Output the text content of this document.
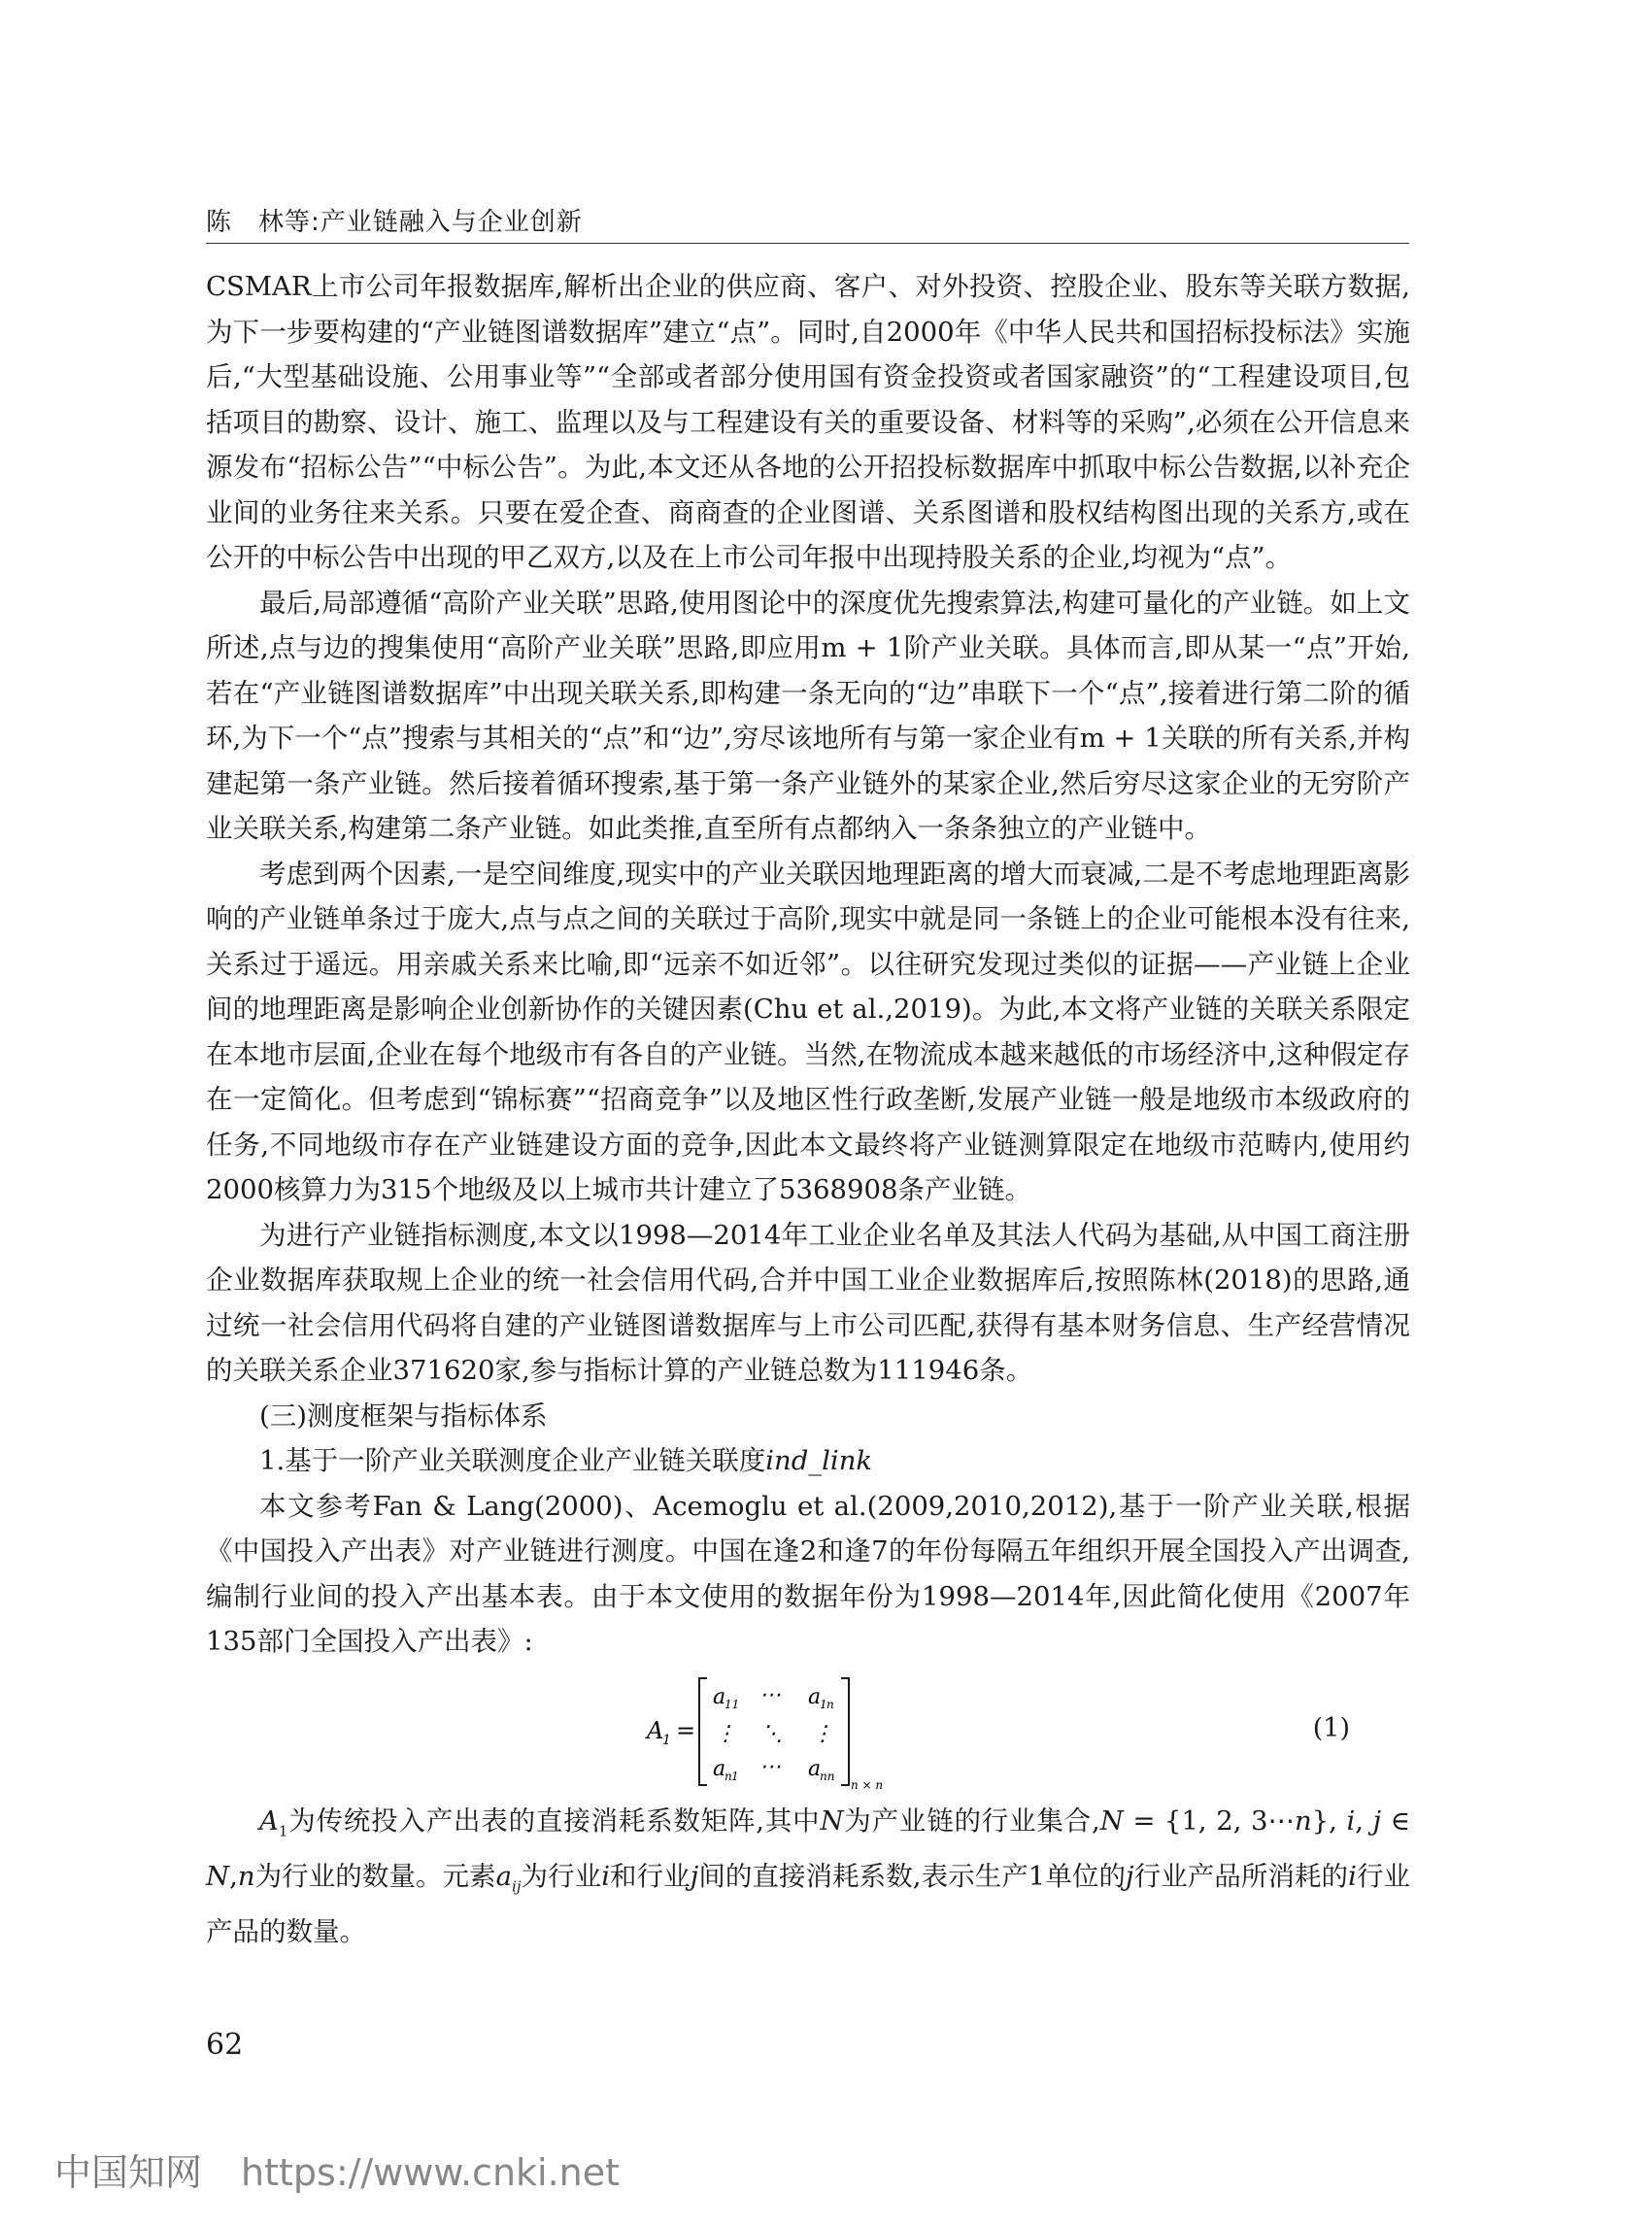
陈　林等:产业链融入与企业创新

CSMAR上市公司年报数据库,解析出企业的供应商、客户、对外投资、控股企业、股东等关联方数据,为下一步要构建的“产业链图谱数据库”建立“点”。同时,自2000年《中华人民共和国招标投标法》实施后,“大型基础设施、公用事业等”“全部或者部分使用国有资金投资或者国家融资”的“工程建设项目,包括项目的勘察、设计、施工、监理以及与工程建设有关的重要设备、材料等的采购”,必须在公开信息来源发布“招标公告”“中标公告”。为此,本文还从各地的公开招投标数据库中抓取中标公告数据,以补充企业间的业务往来关系。只要在爱企查、商商查的企业图谱、关系图谱和股权结构图出现的关系方,或在公开的中标公告中出现的甲乙双方,以及在上市公司年报中出现持股关系的企业,均视为“点”。

最后,局部遵循“高阶产业关联”思路,使用图论中的深度优先搜索算法,构建可量化的产业链。如上文所述,点与边的搜集使用“高阶产业关联”思路,即应用m + 1阶产业关联。具体而言,即从某一“点”开始,若在“产业链图谱数据库”中出现关联关系,即构建一条无向的“边”串联下一个“点”,接着进行第二阶的循环,为下一个“点”搜索与其相关的“点”和“边”,穷尽该地所有与第一家企业有m + 1关联的所有关系,并构建起第一条产业链。然后接着循环搜索,基于第一条产业链外的某家企业,然后穷尽这家企业的无穷阶产业关联关系,构建第二条产业链。如此类推,直至所有点都纳入一条条独立的产业链中。

考虑到两个因素,一是空间维度,现实中的产业关联因地理距离的增大而衰减,二是不考虑地理距离影响的产业链单条过于庞大,点与点之间的关联过于高阶,现实中就是同一条链上的企业可能根本没有往来,关系过于遥远。用亲戚关系来比喻,即“远亲不如近邻”。以往研究发现过类似的证据——产业链上企业间的地理距离是影响企业创新协作的关键因素(Chu et al.,2019)。为此,本文将产业链的关联关系限定在本地市层面,企业在每个地级市有各自的产业链。当然,在物流成本越来越低的市场经济中,这种假定存在一定简化。但考虑到“锦标赛”“招商竞争”以及地区性行政垄断,发展产业链一般是地级市本级政府的任务,不同地级市存在产业链建设方面的竞争,因此本文最终将产业链测算限定在地级市范畴内,使用约2000核算力为315个地级及以上城市共计建立了5368908条产业链。

为进行产业链指标测度,本文以1998—2014年工业企业名单及其法人代码为基础,从中国工商注册企业数据库获取规上企业的统一社会信用代码,合并中国工业企业数据库后,按照陈林(2018)的思路,通过统一社会信用代码将自建的产业链图谱数据库与上市公司匹配,获得有基本财务信息、生产经营情况的关联关系企业371620家,参与指标计算的产业链总数为111946条。

(三)测度框架与指标体系

1.基于一阶产业关联测度企业产业链关联度ind_link

本文参考Fan & Lang(2000)、Acemoglu et al.(2009,2010,2012),基于一阶产业关联,根据《中国投入产出表》对产业链进行测度。中国在逢2和逢7的年份每隔五年组织开展全国投入产出调查,编制行业间的投入产出基本表。由于本文使用的数据年份为1998—2014年,因此简化使用《2007年135部门全国投入产出表》:

A
1 =
a
11 ⋯ a
1 n
⋮ ⋱ ⋮
a
n 1 ⋯ a
nn
n × n
(1)

$A_1$为传统投入产出表的直接消耗系数矩阵,其中N为产业链的行业集合,N = {1, 2, 3⋯n}, i, j ∈ N,n为行业的数量。元素$a_{ij}$为行业i和行业j间的直接消耗系数,表示生产1单位的j行业产品所消耗的i行业产品的数量。

62
中国知网 https://www.cnki.net
